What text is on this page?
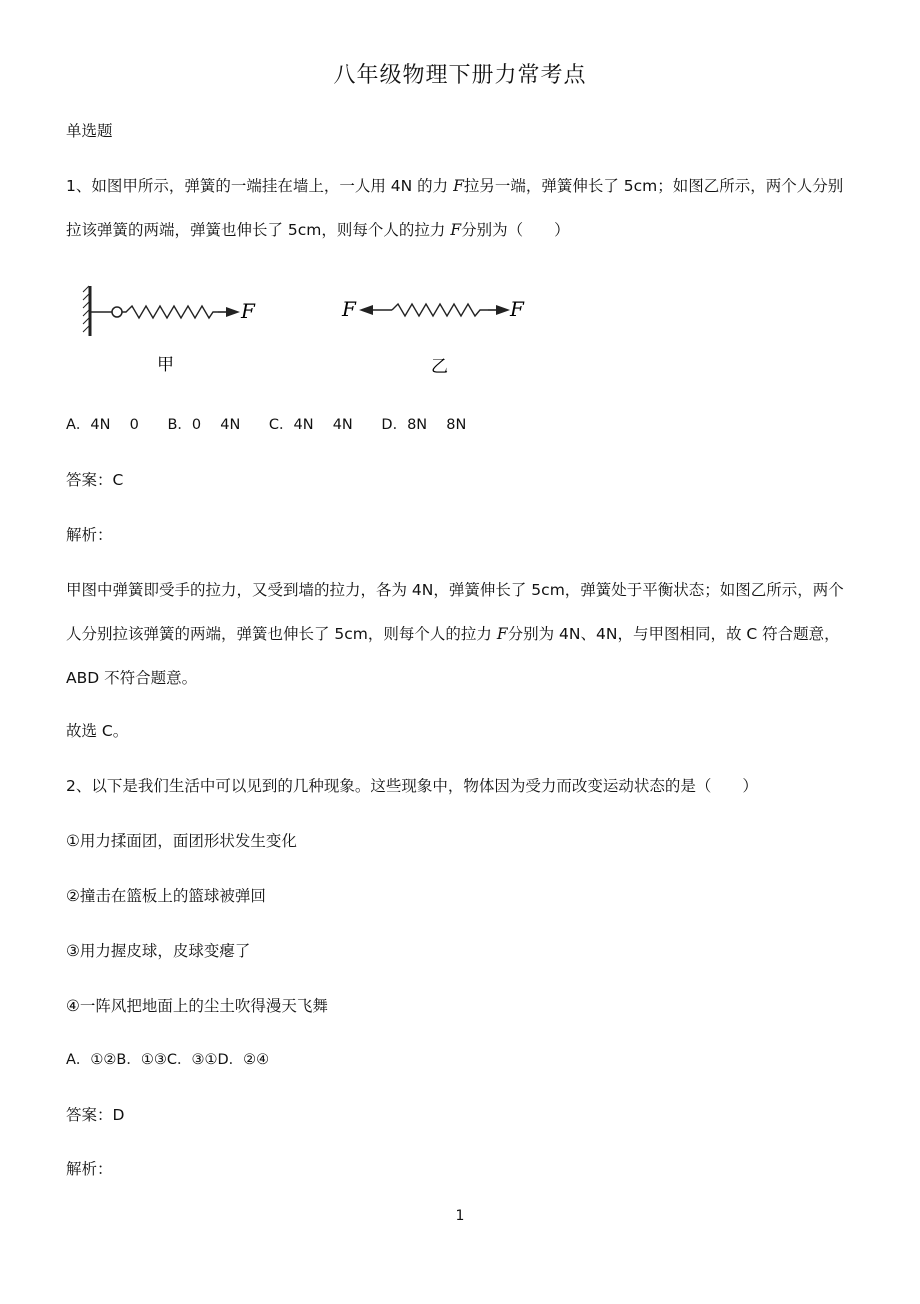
八年级物理下册力常考点
单选题
1、如图甲所示，弹簧的一端挂在墙上，一人用 4N 的力 F拉另一端，弹簧伸长了 5cm；如图乙所示，两个人分别拉该弹簧的两端，弹簧也伸长了 5cm，则每个人的拉力 F分别为（　　）
F
甲
F	F
乙
A．4N　 0 B．0　 4N C．4N　 4N D．8N　 8N
答案：C
解析：
甲图中弹簧即受手的拉力，又受到墙的拉力，各为 4N，弹簧伸长了 5cm，弹簧处于平衡状态；如图乙所示，两个人分别拉该弹簧的两端，弹簧也伸长了 5cm，则每个人的拉力 F分别为 4N、4N，与甲图相同，故 C 符合题意，ABD 不符合题意。
故选 C。
2、以下是我们生活中可以见到的几种现象。这些现象中，物体因为受力而改变运动状态的是（　　）
①用力揉面团，面团形状发生变化
②撞击在篮板上的篮球被弹回
③用力握皮球，皮球变瘪了
④一阵风把地面上的尘土吹得漫天飞舞
A．①②B．①③C．③①D．②④
答案：D
解析：
1
